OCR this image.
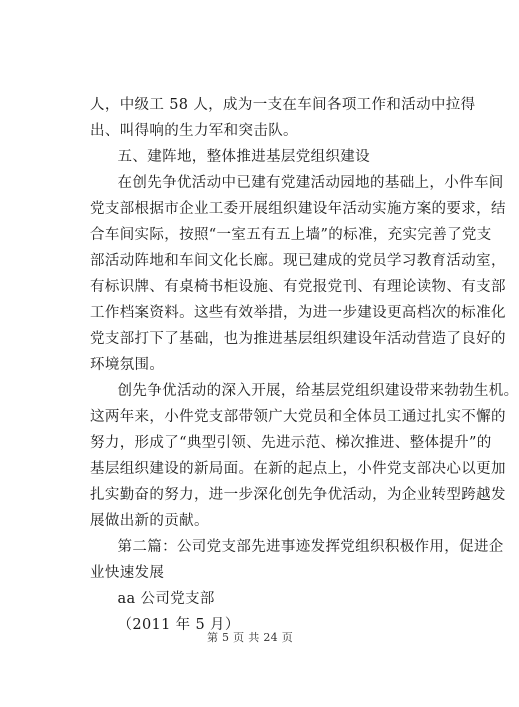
人，中级工 58 人，成为一支在车间各项工作和活动中拉得
出、叫得响的生力军和突击队。
五、建阵地，整体推进基层党组织建设
在创先争优活动中已建有党建活动园地的基础上，小件车间
党支部根据市企业工委开展组织建设年活动实施方案的要求，结
合车间实际，按照“一室五有五上墙”的标准，充实完善了党支
部活动阵地和车间文化长廊。现已建成的党员学习教育活动室，
有标识牌、有桌椅书柜设施、有党报党刊、有理论读物、有支部
工作档案资料。这些有效举措，为进一步建设更高档次的标准化
党支部打下了基础，也为推进基层组织建设年活动营造了良好的
环境氛围。
创先争优活动的深入开展，给基层党组织建设带来勃勃生机。
这两年来，小件党支部带领广大党员和全体员工通过扎实不懈的
努力，形成了“典型引领、先进示范、梯次推进、整体提升”的
基层组织建设的新局面。在新的起点上，小件党支部决心以更加
扎实勤奋的努力，进一步深化创先争优活动，为企业转型跨越发
展做出新的贡献。
第二篇：公司党支部先进事迹发挥党组织积极作用，促进企
业快速发展
aa 公司党支部
（2011 年 5 月）
第 5 页 共 24 页
